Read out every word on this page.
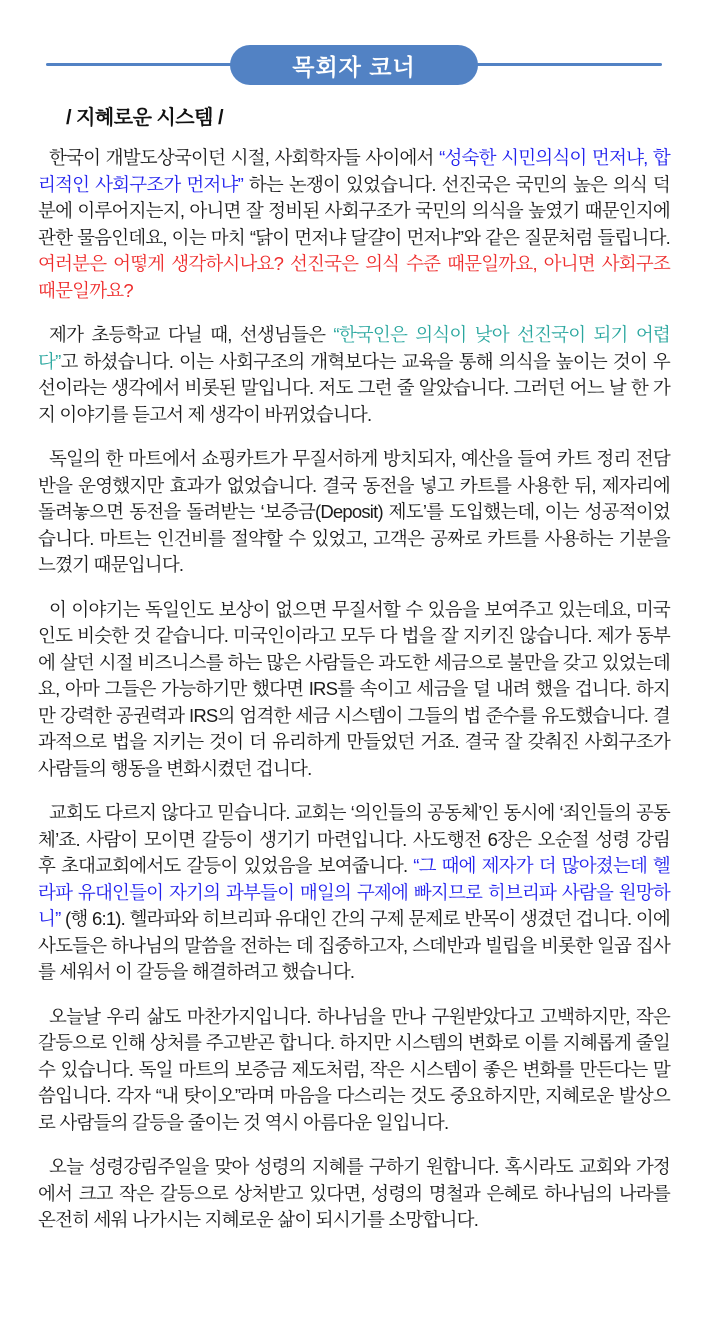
목회자 코너
/ 지혜로운 시스템 /

한국이 개발도상국이던 시절, 사회학자들 사이에서 “성숙한 시민의식이 먼저냐, 합리적인 사회구조가 먼저냐” 하는 논쟁이 있었습니다. 선진국은 국민의 높은 의식 덕분에 이루어지는지, 아니면 잘 정비된 사회구조가 국민의 의식을 높였기 때문인지에 관한 물음인데요, 이는 마치 “닭이 먼저냐 달걀이 먼저냐”와 같은 질문처럼 들립니다. 여러분은 어떻게 생각하시나요? 선진국은 의식 수준 때문일까요, 아니면 사회구조 때문일까요?

제가 초등학교 다닐 때, 선생님들은 “한국인은 의식이 낮아 선진국이 되기 어렵다”고 하셨습니다. 이는 사회구조의 개혁보다는 교육을 통해 의식을 높이는 것이 우선이라는 생각에서 비롯된 말입니다. 저도 그런 줄 알았습니다. 그러던 어느 날 한 가지 이야기를 듣고서 제 생각이 바뀌었습니다.

독일의 한 마트에서 쇼핑카트가 무질서하게 방치되자, 예산을 들여 카트 정리 전담반을 운영했지만 효과가 없었습니다. 결국 동전을 넣고 카트를 사용한 뒤, 제자리에 돌려놓으면 동전을 돌려받는 ‘보증금(Deposit) 제도’를 도입했는데, 이는 성공적이었습니다. 마트는 인건비를 절약할 수 있었고, 고객은 공짜로 카트를 사용하는 기분을 느꼈기 때문입니다.

이 이야기는 독일인도 보상이 없으면 무질서할 수 있음을 보여주고 있는데요, 미국인도 비슷한 것 같습니다. 미국인이라고 모두 다 법을 잘 지키진 않습니다. 제가 동부에 살던 시절 비즈니스를 하는 많은 사람들은 과도한 세금으로 불만을 갖고 있었는데요, 아마 그들은 가능하기만 했다면 IRS를 속이고 세금을 덜 내려 했을 겁니다. 하지만 강력한 공권력과 IRS의 엄격한 세금 시스템이 그들의 법 준수를 유도했습니다. 결과적으로 법을 지키는 것이 더 유리하게 만들었던 거죠. 결국 잘 갖춰진 사회구조가 사람들의 행동을 변화시켰던 겁니다.

교회도 다르지 않다고 믿습니다. 교회는 ‘의인들의 공동체’인 동시에 ‘죄인들의 공동체’죠. 사람이 모이면 갈등이 생기기 마련입니다. 사도행전 6장은 오순절 성령 강림 후 초대교회에서도 갈등이 있었음을 보여줍니다. “그 때에 제자가 더 많아졌는데 헬라파 유대인들이 자기의 과부들이 매일의 구제에 빠지므로 히브리파 사람을 원망하니” (행 6:1). 헬라파와 히브리파 유대인 간의 구제 문제로 반목이 생겼던 겁니다. 이에 사도들은 하나님의 말씀을 전하는 데 집중하고자, 스데반과 빌립을 비롯한 일곱 집사를 세워서 이 갈등을 해결하려고 했습니다.

오늘날 우리 삶도 마찬가지입니다. 하나님을 만나 구원받았다고 고백하지만, 작은 갈등으로 인해 상처를 주고받곤 합니다. 하지만 시스템의 변화로 이를 지혜롭게 줄일 수 있습니다. 독일 마트의 보증금 제도처럼, 작은 시스템이 좋은 변화를 만든다는 말씀입니다. 각자 “내 탓이오”라며 마음을 다스리는 것도 중요하지만, 지혜로운 발상으로 사람들의 갈등을 줄이는 것 역시 아름다운 일입니다.

오늘 성령강림주일을 맞아 성령의 지혜를 구하기 원합니다. 혹시라도 교회와 가정에서 크고 작은 갈등으로 상처받고 있다면, 성령의 명철과 은혜로 하나님의 나라를 온전히 세워 나가시는 지혜로운 삶이 되시기를 소망합니다.
